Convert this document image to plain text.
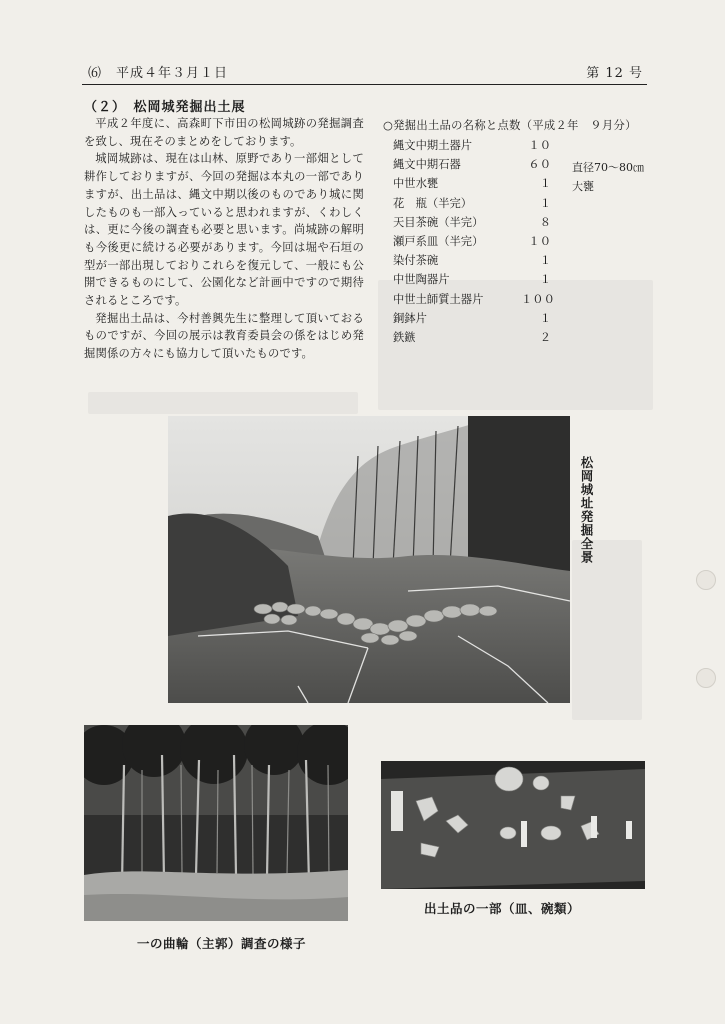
⑹　平成４年３月１日	第 12 号
（２）　松岡城発掘出土展

平成２年度に、高森町下市田の松岡城跡の発掘調査を致し、現在そのまとめをしております。

城岡城跡は、現在は山林、原野であり一部畑として耕作しておりますが、今回の発掘は本丸の一部でありますが、出土品は、縄文中期以後のものであり城に関したものも一部入っていると思われますが、くわしくは、更に今後の調査も必要と思います。尚城跡の解明も今後更に続ける必要があります。今回は堀や石垣の型が一部出現しておりこれらを復元して、一般にも公開できるものにして、公園化など計画中ですので期待されるところです。

発掘出土品は、今村善興先生に整理して頂いておるものですが、今回の展示は教育委員会の係をはじめ発掘関係の方々にも協力して頂いたものです。

○発掘出土品の名称と点数（平成２年　９月分）
縄文中期土器片	１０
縄文中期石器	６０
中世水甕	１
花　瓶（半完）	１
天目茶碗（半完）	８
瀬戸系皿（半完）	１０
染付茶碗	１
中世陶器片	１
中世土師質土器片	１００
銅鉢片	１
鉄鏃	２
直径70〜80㎝
大甕
松岡城址発掘全景
一の曲輪（主郭）調査の様子
出土品の一部（皿、碗類）
